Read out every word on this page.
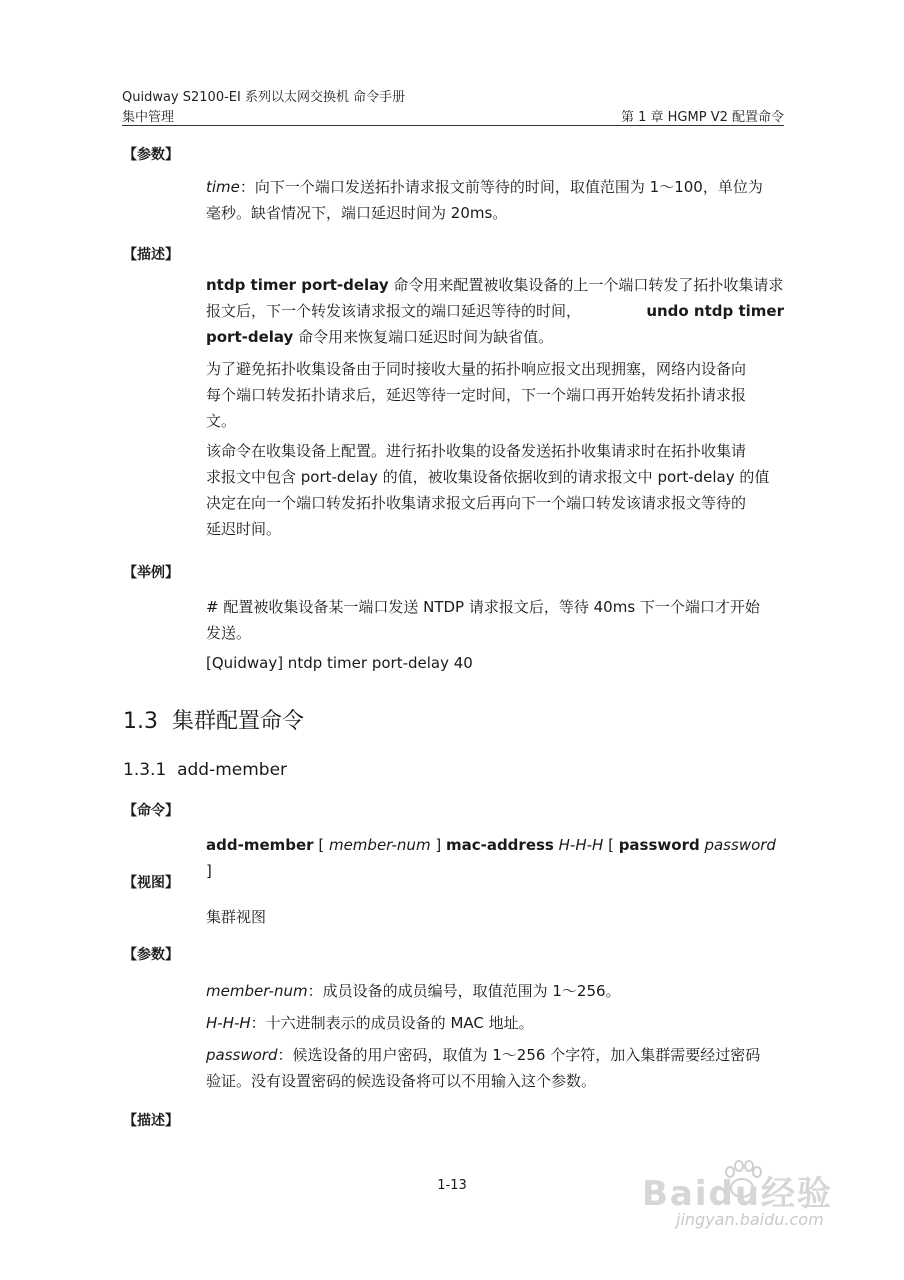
Quidway S2100-EI 系列以太网交换机 命令手册
集中管理	第 1 章 HGMP V2 配置命令
【参数】
time：向下一个端口发送拓扑请求报文前等待的时间，取值范围为 1～100，单位为
毫秒。缺省情况下，端口延迟时间为 20ms。
【描述】
ntdp timer port-delay 命令用来配置被收集设备的上一个端口转发了拓扑收集请求
报文后，下一个转发该请求报文的端口延迟等待的时间，	undo ntdp timer
port-delay 命令用来恢复端口延迟时间为缺省值。
为了避免拓扑收集设备由于同时接收大量的拓扑响应报文出现拥塞，网络内设备向
每个端口转发拓扑请求后，延迟等待一定时间，下一个端口再开始转发拓扑请求报
文。
该命令在收集设备上配置。进行拓扑收集的设备发送拓扑收集请求时在拓扑收集请
求报文中包含 port-delay 的值，被收集设备依据收到的请求报文中 port-delay 的值
决定在向一个端口转发拓扑收集请求报文后再向下一个端口转发该请求报文等待的
延迟时间。
【举例】
# 配置被收集设备某一端口发送 NTDP 请求报文后，等待 40ms 下一个端口才开始
发送。
[Quidway] ntdp timer port-delay 40
1.3 集群配置命令
1.3.1 add-member
【命令】
add-member [ member-num ] mac-address H-H-H [ password password ]
【视图】
集群视图
【参数】
member-num：成员设备的成员编号，取值范围为 1～256。
H-H-H：十六进制表示的成员设备的 MAC 地址。
password：候选设备的用户密码，取值为 1～256 个字符，加入集群需要经过密码
验证。没有设置密码的候选设备将可以不用输入这个参数。
【描述】
1-13	Baidu经验
jingyan.baidu.com
